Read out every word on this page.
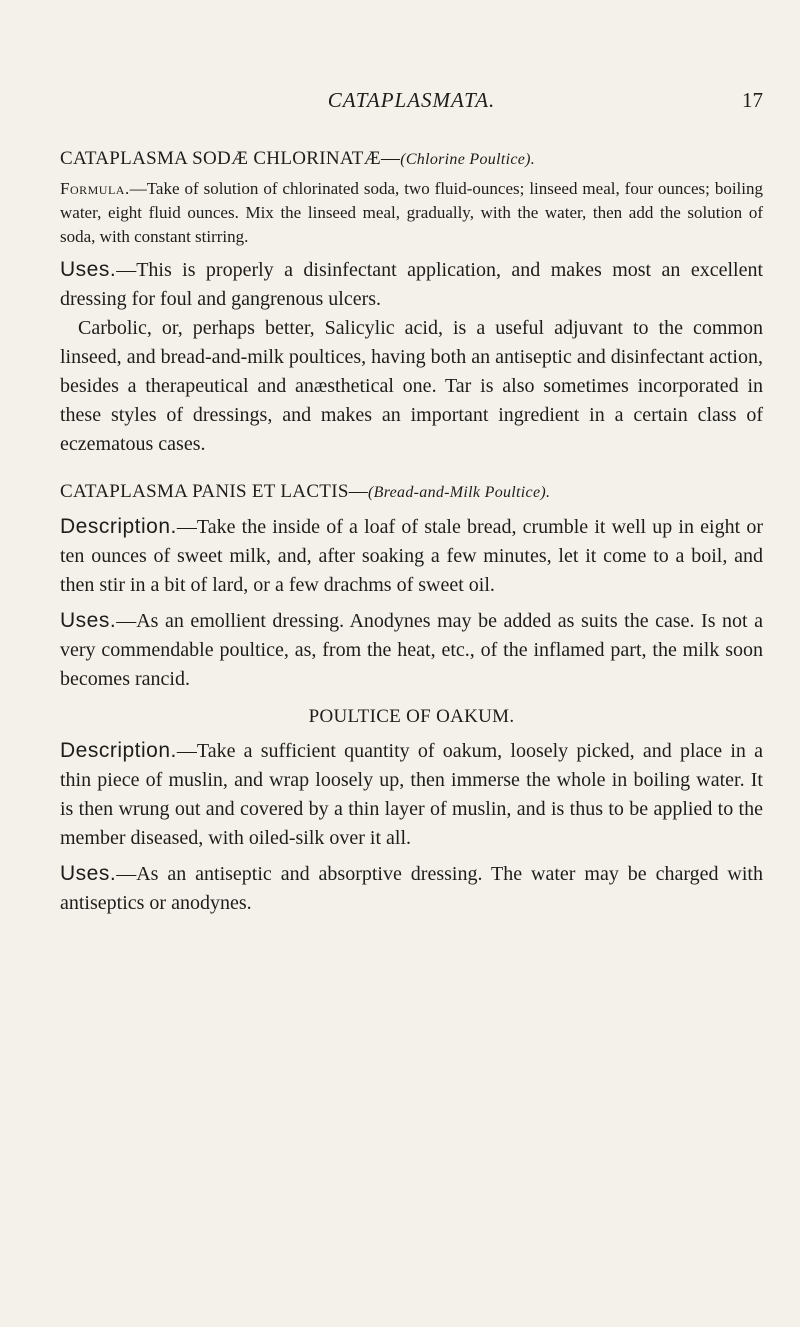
CATAPLASMATA.	17
CATAPLASMA SODÆ CHLORINATÆ—(Chlorine Poultice).

Formula.—Take of solution of chlorinated soda, two fluid-ounces; linseed meal, four ounces; boiling water, eight fluid ounces. Mix the linseed meal, gradually, with the water, then add the solution of soda, with constant stirring.

Uses.—This is properly a disinfectant application, and makes most an excellent dressing for foul and gangrenous ulcers.

Carbolic, or, perhaps better, Salicylic acid, is a useful adjuvant to the common linseed, and bread-and-milk poultices, having both an antiseptic and disinfectant action, besides a therapeutical and anæsthetical one. Tar is also sometimes incorporated in these styles of dressings, and makes an important ingredient in a certain class of eczematous cases.

CATAPLASMA PANIS ET LACTIS—(Bread-and-Milk Poultice).

Description.—Take the inside of a loaf of stale bread, crumble it well up in eight or ten ounces of sweet milk, and, after soaking a few minutes, let it come to a boil, and then stir in a bit of lard, or a few drachms of sweet oil.

Uses.—As an emollient dressing. Anodynes may be added as suits the case. Is not a very commendable poultice, as, from the heat, etc., of the inflamed part, the milk soon becomes rancid.

POULTICE OF OAKUM.

Description.—Take a sufficient quantity of oakum, loosely picked, and place in a thin piece of muslin, and wrap loosely up, then immerse the whole in boiling water. It is then wrung out and covered by a thin layer of muslin, and is thus to be applied to the member diseased, with oiled-silk over it all.

Uses.—As an antiseptic and absorptive dressing. The water may be charged with antiseptics or anodynes.
